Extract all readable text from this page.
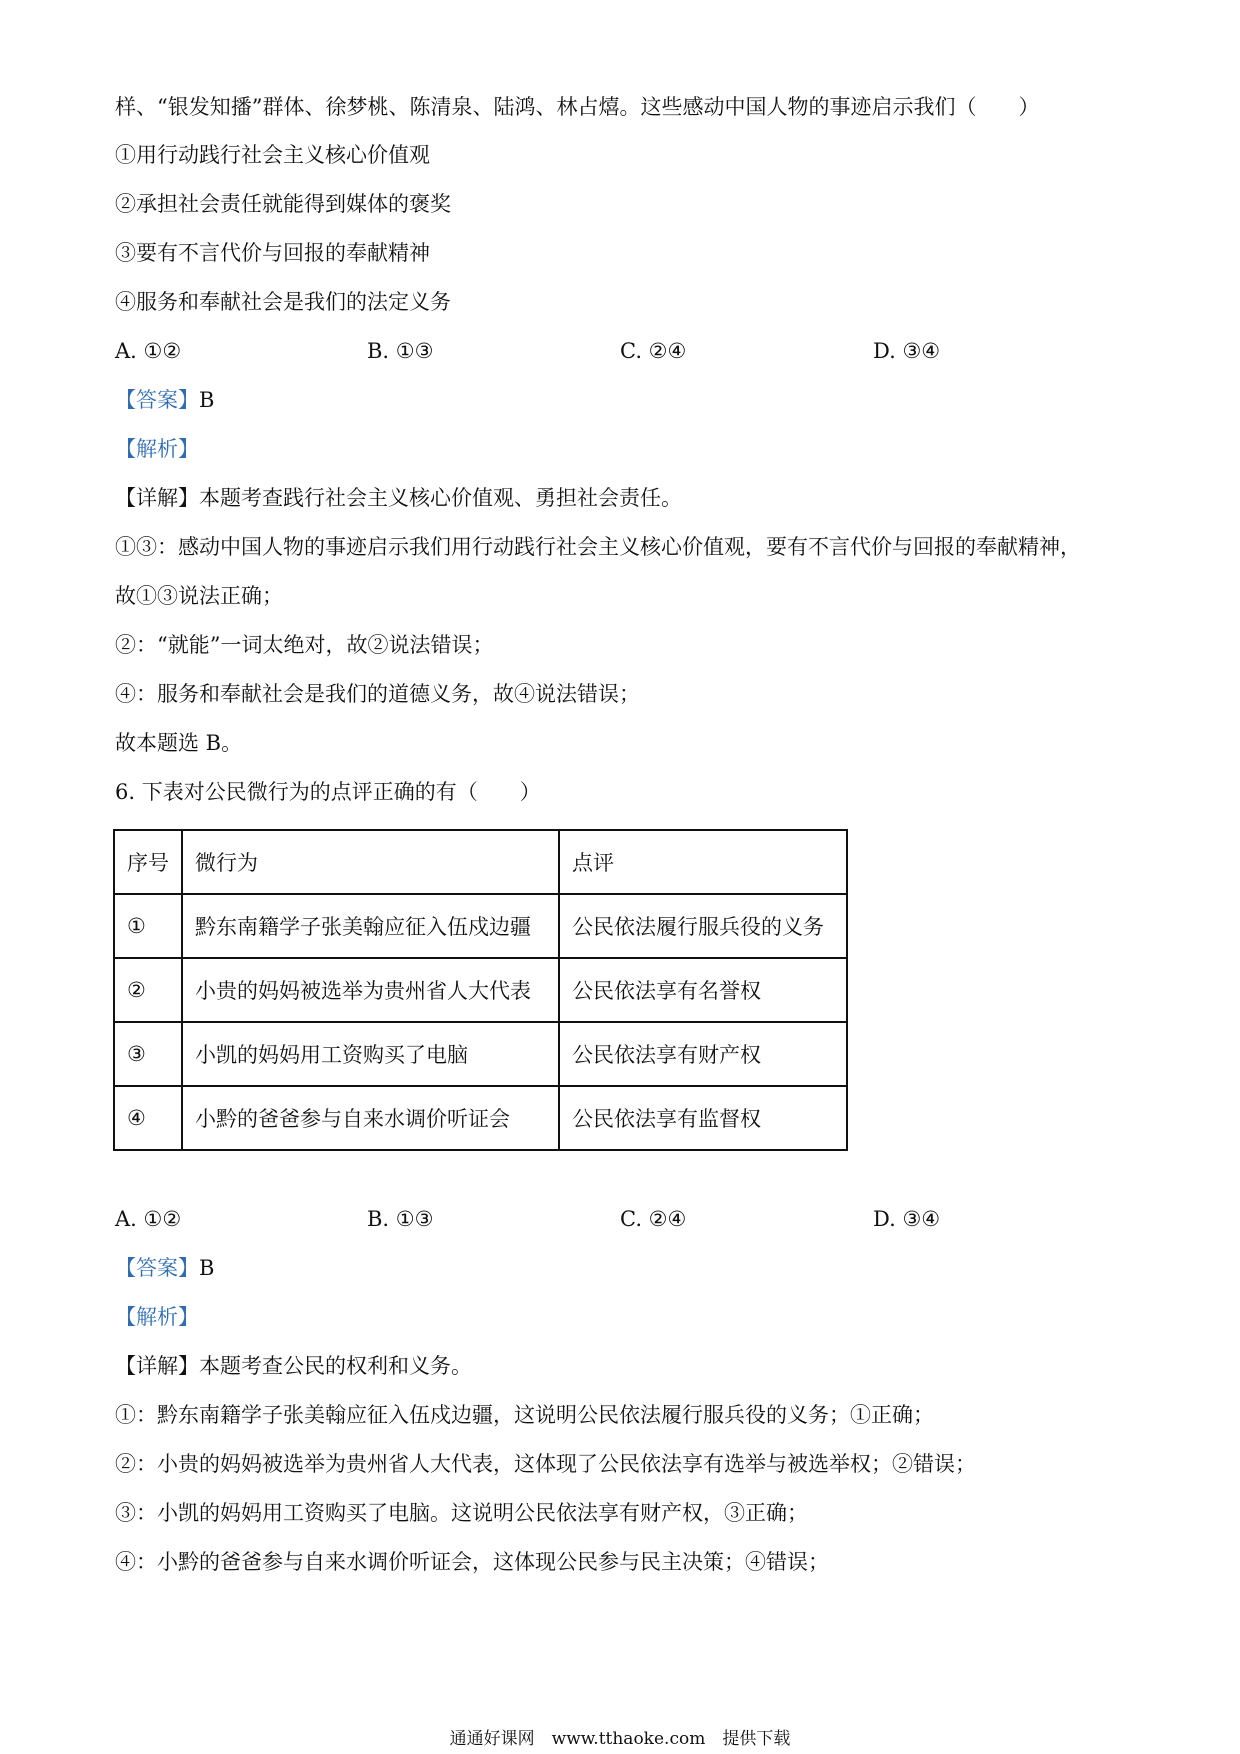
样、“银发知播”群体、徐梦桃、陈清泉、陆鸿、林占熺。这些感动中国人物的事迹启示我们（　　）

①用行动践行社会主义核心价值观

②承担社会责任就能得到媒体的褒奖

③要有不言代价与回报的奉献精神

④服务和奉献社会是我们的法定义务

A. ①②	B. ①③	C. ②④	D. ③④

【答案】B

【解析】

【详解】本题考查践行社会主义核心价值观、勇担社会责任。

①③：感动中国人物的事迹启示我们用行动践行社会主义核心价值观，要有不言代价与回报的奉献精神，

故①③说法正确；

②：“就能”一词太绝对，故②说法错误；

④：服务和奉献社会是我们的道德义务，故④说法错误；

故本题选 B。

6. 下表对公民微行为的点评正确的有（　　）

序号	微行为	点评
①	黔东南籍学子张美翰应征入伍戍边疆	公民依法履行服兵役的义务
②	小贵的妈妈被选举为贵州省人大代表	公民依法享有名誉权
③	小凯的妈妈用工资购买了电脑	公民依法享有财产权
④	小黔的爸爸参与自来水调价听证会	公民依法享有监督权
A. ①②	B. ①③	C. ②④	D. ③④

【答案】B

【解析】

【详解】本题考查公民的权利和义务。

①：黔东南籍学子张美翰应征入伍戍边疆，这说明公民依法履行服兵役的义务；①正确；

②：小贵的妈妈被选举为贵州省人大代表，这体现了公民依法享有选举与被选举权；②错误；

③：小凯的妈妈用工资购买了电脑。这说明公民依法享有财产权，③正确；

④：小黔的爸爸参与自来水调价听证会，这体现公民参与民主决策；④错误；

通通好课网　www.tthaoke.com　提供下载
